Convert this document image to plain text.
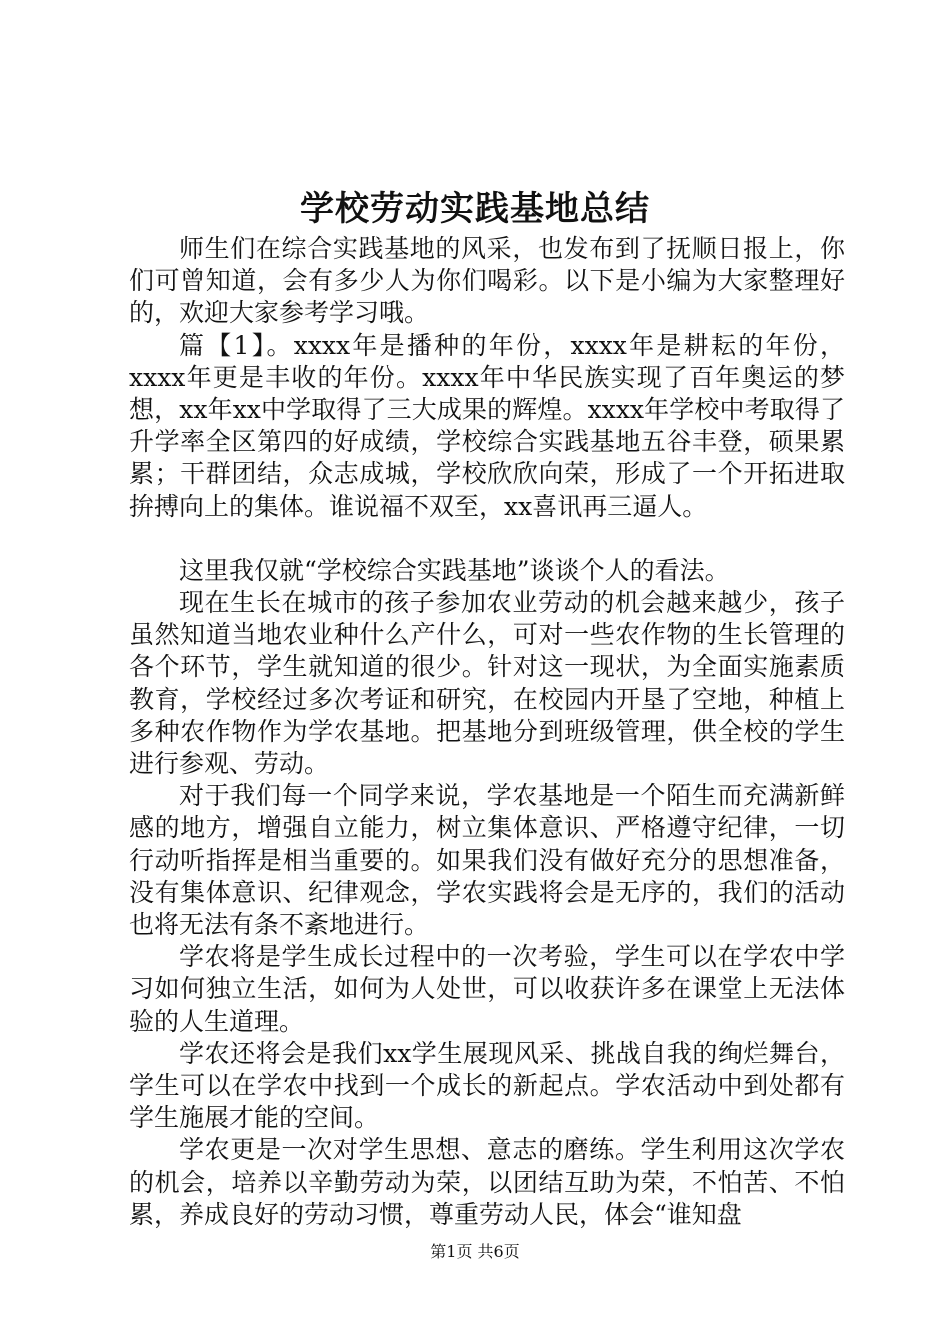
学校劳动实践基地总结

师生们在综合实践基地的风采，也发布到了抚顺日报上，你们可曾知道，会有多少人为你们喝彩。以下是小编为大家整理好的，欢迎大家参考学习哦。

篇【1】。xxxx年是播种的年份，xxxx年是耕耘的年份，xxxx年更是丰收的年份。xxxx年中华民族实现了百年奥运的梦想，xx年xx中学取得了三大成果的辉煌。xxxx年学校中考取得了升学率全区第四的好成绩，学校综合实践基地五谷丰登，硕果累累；干群团结，众志成城，学校欣欣向荣，形成了一个开拓进取拚搏向上的集体。谁说福不双至，xx喜讯再三逼人。

这里我仅就“学校综合实践基地”谈谈个人的看法。

现在生长在城市的孩子参加农业劳动的机会越来越少，孩子虽然知道当地农业种什么产什么，可对一些农作物的生长管理的各个环节，学生就知道的很少。针对这一现状，为全面实施素质教育，学校经过多次考证和研究，在校园内开垦了空地，种植上多种农作物作为学农基地。把基地分到班级管理，供全校的学生进行参观、劳动。

对于我们每一个同学来说，学农基地是一个陌生而充满新鲜感的地方，增强自立能力，树立集体意识、严格遵守纪律，一切行动听指挥是相当重要的。如果我们没有做好充分的思想准备，没有集体意识、纪律观念，学农实践将会是无序的，我们的活动也将无法有条不紊地进行。

学农将是学生成长过程中的一次考验，学生可以在学农中学习如何独立生活，如何为人处世，可以收获许多在课堂上无法体验的人生道理。

学农还将会是我们xx学生展现风采、挑战自我的绚烂舞台，学生可以在学农中找到一个成长的新起点。学农活动中到处都有学生施展才能的空间。

学农更是一次对学生思想、意志的磨练。学生利用这次学农的机会，培养以辛勤劳动为荣，以团结互助为荣，不怕苦、不怕累，养成良好的劳动习惯，尊重劳动人民，体会“谁知盘

第1页 共6页
